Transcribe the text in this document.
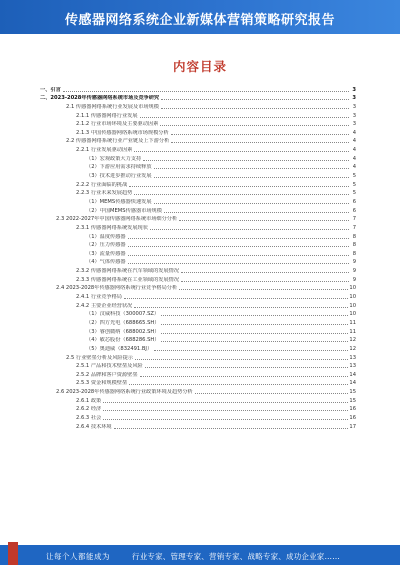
传感器网络系统企业新媒体营销策略研究报告
内容目录
一、引言	3
二、2023-2028年传感器网络系统市场及竞争研究	3
2.1 传感器网络系统行业发展及市场规模	3
2.1.1 传感器网络行业发展	3
2.1.2 行业市场环境及主要驱动因素	3
2.1.3 中国传感器网络系统市场规模分析	4
2.2 传感器网络系统行业产业链及上下游分析	4
2.2.1 行业发展驱动因素	4
（1）宏观政策大力支持	4
（2）下游应用需求持续释放	4
（3）技术进步推动行业发展	5
2.2.2 行业面临的挑战	5
2.2.3 行业未来发展趋势	5
（1）MEMS传感器快速发展	6
（2）中国MEMS传感器市场规模	6
2.3 2022-2027年中国传感器网络系统市场细分分析	7
2.3.1 传感器网络系统发展现状	7
（1）温度传感器	8
（2）压力传感器	8
（3）流量传感器	8
（4）气体传感器	9
2.3.2 传感器网络系统在汽车领域的发展情况	9
2.3.3 传感器网络系统在工业领域的发展情况	9
2.4 2023-2028年传感器网络系统行业竞争格局分析	10
2.4.1 行业竞争格局	10
2.4.2 主要企业经营状况	10
（1）汉威科技（300007.SZ）	10
（2）四方光电（688665.SH）	11
（3）睿创微纳（688002.SH）	11
（4）敏芯股份（688286.SH）	12
（5）奥迪威（832491.BJ）	12
2.5 行业壁垒分析及风险提示	13
2.5.1 产品和技术壁垒及风险	13
2.5.2 品牌和客户资源壁垒	14
2.5.3 资金和规模壁垒	14
2.6 2023-2028年传感器网络系统行业政策环境及趋势分析	15
2.6.1 政策	15
2.6.2 经济	16
2.6.3 社会	16
2.6.4 技术环境	17
让每个人都能成为	行业专家、管理专家、营销专家、战略专家、成功企业家……
